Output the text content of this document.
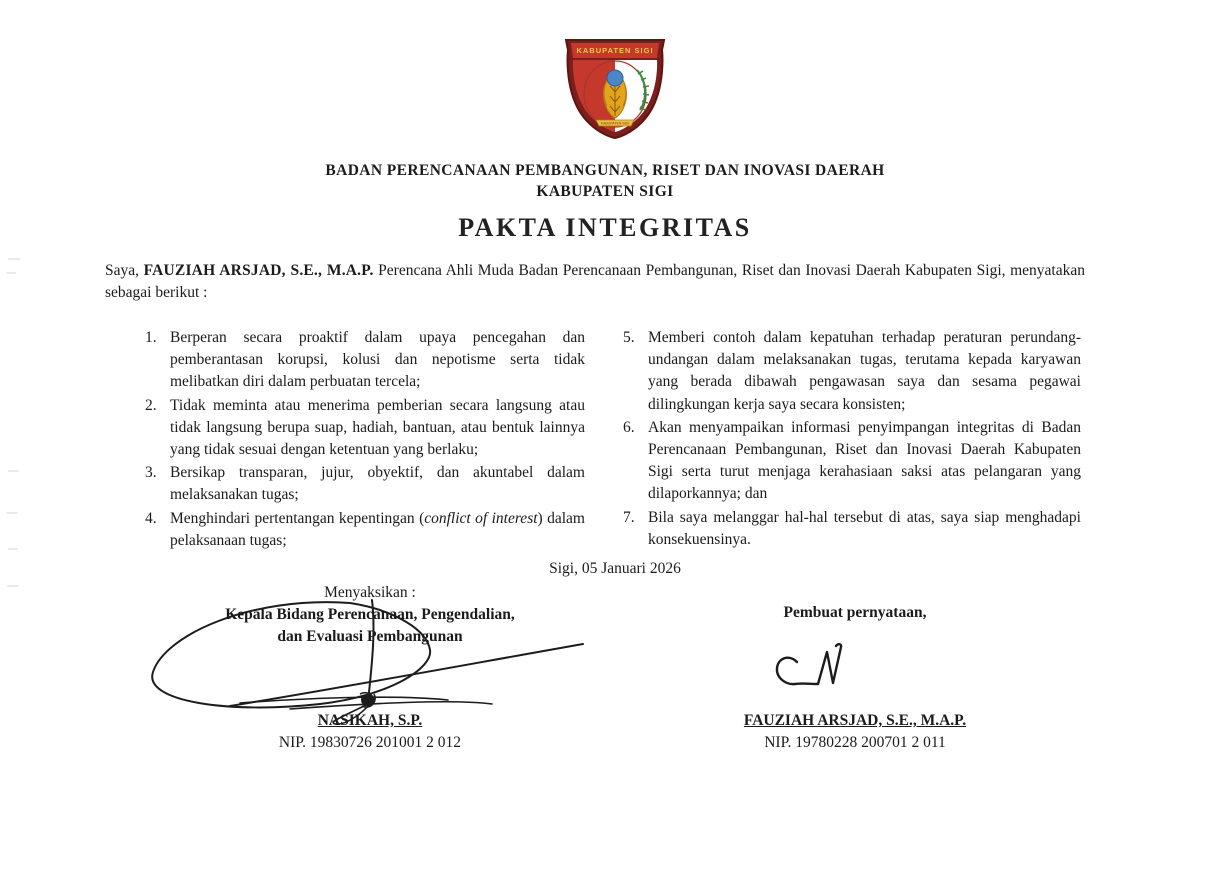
KABUPATEN SIGI
KABUPATEN SIGI
BADAN PERENCANAAN PEMBANGUNAN, RISET DAN INOVASI DAERAH
KABUPATEN SIGI
PAKTA INTEGRITAS

Saya, FAUZIAH ARSJAD, S.E., M.A.P. Perencana Ahli Muda Badan Perencanaan Pembangunan, Riset dan Inovasi Daerah Kabupaten Sigi, menyatakan sebagai berikut :

1. Berperan secara proaktif dalam upaya pencegahan dan pemberantasan korupsi, kolusi dan nepotisme serta tidak melibatkan diri dalam perbuatan tercela;
2. Tidak meminta atau menerima pemberian secara langsung atau tidak langsung berupa suap, hadiah, bantuan, atau bentuk lainnya yang tidak sesuai dengan ketentuan yang berlaku;
3. Bersikap transparan, jujur, obyektif, dan akuntabel dalam melaksanakan tugas;
4. Menghindari pertentangan kepentingan (conflict of interest) dalam pelaksanaan tugas;
5. Memberi contoh dalam kepatuhan terhadap peraturan perundang-undangan dalam melaksanakan tugas, terutama kepada karyawan yang berada dibawah pengawasan saya dan sesama pegawai dilingkungan kerja saya secara konsisten;
6. Akan menyampaikan informasi penyimpangan integritas di Badan Perencanaan Pembangunan, Riset dan Inovasi Daerah Kabupaten Sigi serta turut menjaga kerahasiaan saksi atas pelangaran yang dilaporkannya; dan
7. Bila saya melanggar hal-hal tersebut di atas, saya siap menghadapi konsekuensinya.
Sigi, 05 Januari 2026
Menyaksikan :
Kepala Bidang Perencanaan, Pengendalian,
dan Evaluasi Pembangunan
NASIKAH, S.P.
NIP. 19830726 201001 2 012
Pembuat pernyataan,
FAUZIAH ARSJAD, S.E., M.A.P.
NIP. 19780228 200701 2 011
